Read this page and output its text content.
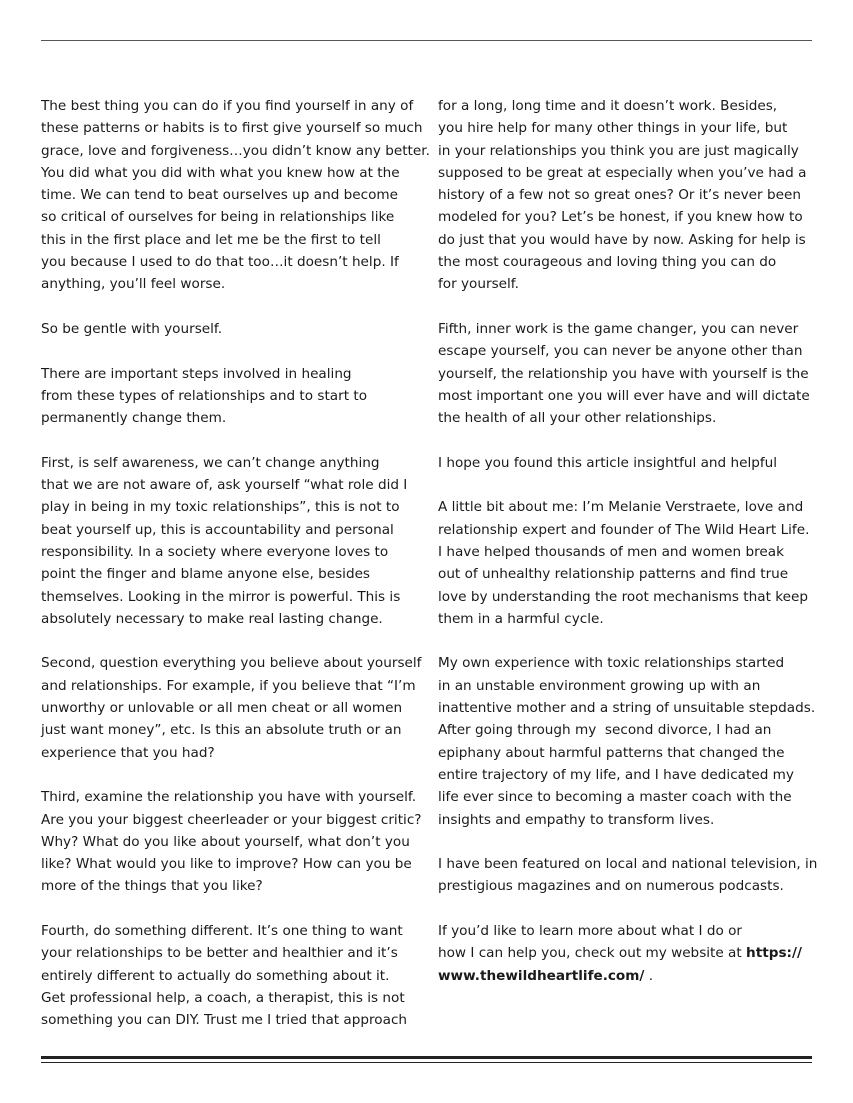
The best thing you can do if you find yourself in any of
these patterns or habits is to first give yourself so much
grace, love and forgiveness…you didn’t know any better.
You did what you did with what you knew how at the
time. We can tend to beat ourselves up and become
so critical of ourselves for being in relationships like
this in the first place and let me be the first to tell
you because I used to do that too…it doesn’t help. If
anything, you’ll feel worse.
So be gentle with yourself.
There are important steps involved in healing
from these types of relationships and to start to
permanently change them.
First, is self awareness, we can’t change anything
that we are not aware of, ask yourself “what role did I
play in being in my toxic relationships”, this is not to
beat yourself up, this is accountability and personal
responsibility. In a society where everyone loves to
point the finger and blame anyone else, besides
themselves. Looking in the mirror is powerful. This is
absolutely necessary to make real lasting change.
Second, question everything you believe about yourself
and relationships. For example, if you believe that “I’m
unworthy or unlovable or all men cheat or all women
just want money”, etc. Is this an absolute truth or an
experience that you had?
Third, examine the relationship you have with yourself.
Are you your biggest cheerleader or your biggest critic?
Why? What do you like about yourself, what don’t you
like? What would you like to improve? How can you be
more of the things that you like?
Fourth, do something different. It’s one thing to want
your relationships to be better and healthier and it’s
entirely different to actually do something about it.
Get professional help, a coach, a therapist, this is not
something you can DIY. Trust me I tried that approach
for a long, long time and it doesn’t work. Besides,
you hire help for many other things in your life, but
in your relationships you think you are just magically
supposed to be great at especially when you’ve had a
history of a few not so great ones? Or it’s never been
modeled for you? Let’s be honest, if you knew how to
do just that you would have by now. Asking for help is
the most courageous and loving thing you can do
for yourself.
Fifth, inner work is the game changer, you can never
escape yourself, you can never be anyone other than
yourself, the relationship you have with yourself is the
most important one you will ever have and will dictate
the health of all your other relationships.
I hope you found this article insightful and helpful
A little bit about me: I’m Melanie Verstraete, love and
relationship expert and founder of The Wild Heart Life.
I have helped thousands of men and women break
out of unhealthy relationship patterns and find true
love by understanding the root mechanisms that keep
them in a harmful cycle.
My own experience with toxic relationships started
in an unstable environment growing up with an
inattentive mother and a string of unsuitable stepdads.
After going through my  second divorce, I had an
epiphany about harmful patterns that changed the
entire trajectory of my life, and I have dedicated my
life ever since to becoming a master coach with the
insights and empathy to transform lives.
I have been featured on local and national television, in
prestigious magazines and on numerous podcasts.
If you’d like to learn more about what I do or
how I can help you, check out my website at https://
www.thewildheartlife.com/ .
